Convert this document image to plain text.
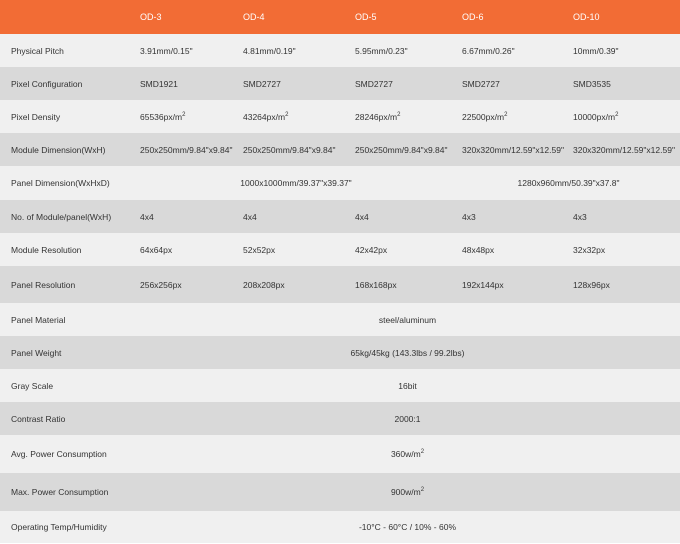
	OD-3	OD-4	OD-5	OD-6	OD-10
Physical Pitch	3.91mm/0.15"	4.81mm/0.19"	5.95mm/0.23"	6.67mm/0.26"	10mm/0.39"
Pixel Configuration	SMD1921	SMD2727	SMD2727	SMD2727	SMD3535
Pixel Density	$65536px/m^2$	$43264px/m^2$	$28246px/m^2$	$22500px/m^2$	$10000px/m^2$
Module Dimension(WxH)	250x250mm/9.84"x9.84"	250x250mm/9.84"x9.84"	250x250mm/9.84"x9.84"	320x320mm/12.59"x12.59"	320x320mm/12.59"x12.59"
Panel Dimension(WxHxD)	1000x1000mm/39.37"x39.37"			1280x960mm/50.39"x37.8"	
No. of Module/panel(WxH)	4x4	4x4	4x4	4x3	4x3
Module Resolution	64x64px	52x52px	42x42px	48x48px	32x32px
Panel Resolution	256x256px	208x208px	168x168px	192x144px	128x96px
Panel Material	steel/aluminum				
Panel Weight	65kg/45kg (143.3lbs / 99.2lbs)				
Gray Scale	16bit				
Contrast Ratio	2000:1				
Avg. Power Consumption	$360w/m^2$
Max. Power Consumption	$900w/m^2$
Operating Temp/Humidity	-10°C - 60°C / 10% - 60%				
